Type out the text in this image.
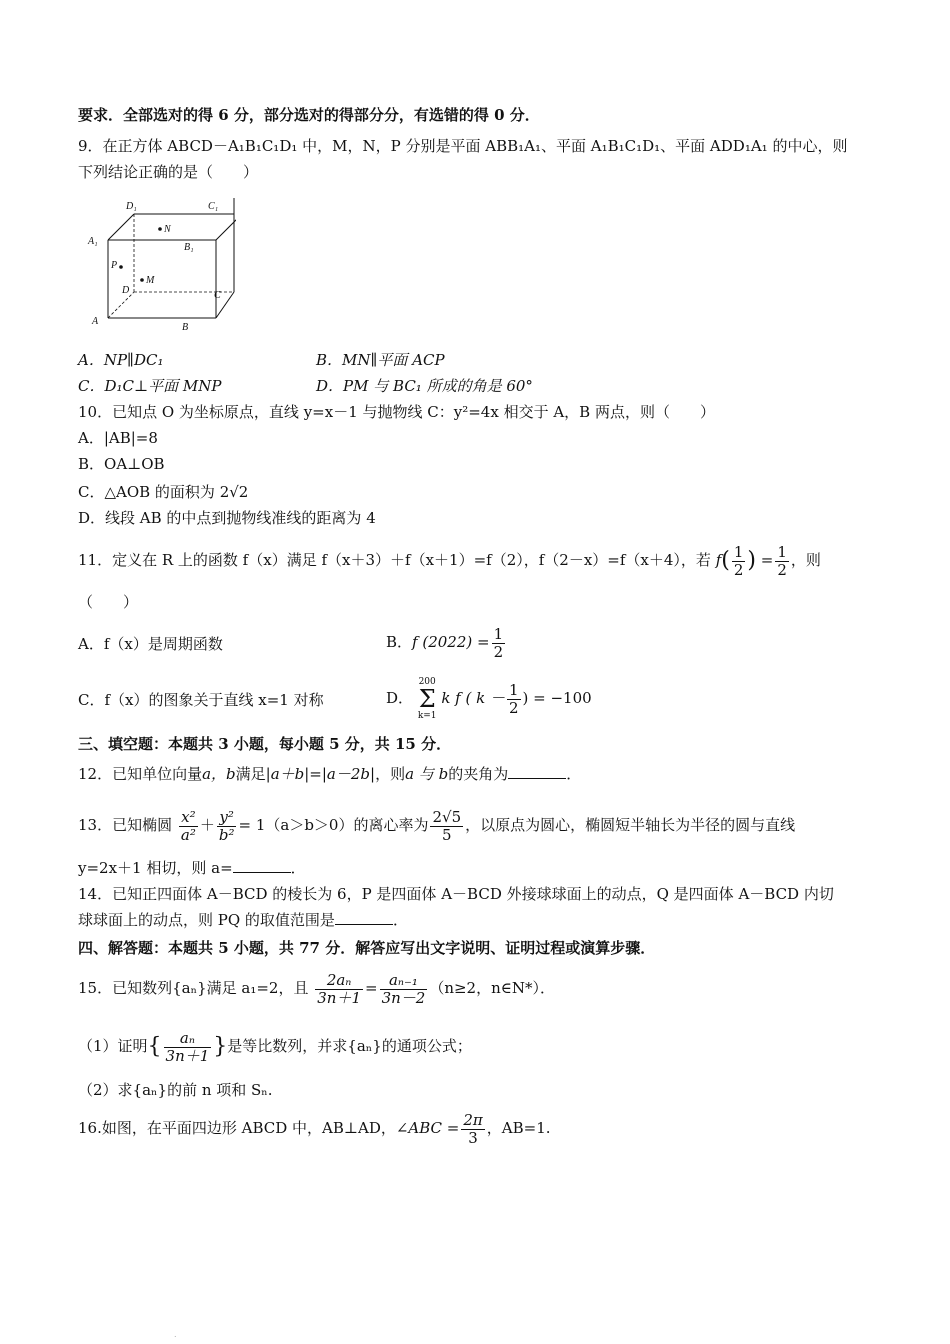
要求．全部选对的得 6 分，部分选对的得部分分，有选错的得 0 分．
9．在正方体 ABCD－A₁B₁C₁D₁ 中，M，N，P 分别是平面 ABB₁A₁、平面 A₁B₁C₁D₁、平面 ADD₁A₁ 的中心，则
下列结论正确的是（　　）
D₁	C₁
A₁
B₁
N
P
M
D	C
A
B
A．NP∥DC₁	B．MN∥平面 ACP
C．D₁C⊥平面 MNP	D．PM 与 BC₁ 所成的角是 60°
10．已知点 O 为坐标原点，直线 y=x－1 与抛物线 C：y²=4x 相交于 A，B 两点，则（　　）
A．|AB|=8
B．OA⊥OB
C．△AOB 的面积为 2√2
D．线段 AB 的中点到抛物线准线的距离为 4
11．定义在 R 上的函数 f（x）满足 f（x＋3）＋f（x＋1）=f（2），f（2－x）=f（x＋4），若 $f( \frac{1}{2}$ ) = $\frac{1}{2}$ ，则
（　　）
A．f（x）是周期函数	B．f $(2022) = \frac{1}{2}$
C．f（x）的图象关于直线 x=1 对称	D． 200
Σ
k=1 k f ( $k - \frac{1}{2}$ ) = −100
三、填空题：本题共 3 小题，每小题 5 分，共 15 分．
12．已知单位向量a，b满足|a＋b|=|a－2b|，则a 与 b的夹角为	．
13．已知椭圆 $\frac{\text{x²}}{\text{a²}} + \frac{\text{y²}}{\text{b²}} = 1(a>b>0)$的离心率为 $\frac{2√5}{5}$ ，以原点为圆心，椭圆短半轴长为半径的圆与直线
y=2x＋1 相切，则 a=	．
14．已知正四面体 A－BCD 的棱长为 6，P 是四面体 A－BCD 外接球球面上的动点，Q 是四面体 A－BCD 内切
球球面上的动点，则 PQ 的取值范围是	．
四、解答题：本题共 5 小题，共 77 分．解答应写出文字说明、证明过程或演算步骤．
15．已知数列{aₙ}满足 a₁=2，且 $\frac{\text{2aₙ}}{3n+1} = \frac{\text{aₙ₋₁}}{3n-2} (n\ge 2$，n∈N*）．
（1）证明{ $\frac{\text{aₙ}}{3n+1}$ }是等比数列，并求{aₙ}的通项公式；
（2）求{aₙ}的前 n 项和 Sₙ.
16.如图，在平面四边形 ABCD 中，AB⊥AD，∠ABC = $\frac{2\pi}{3}$ ，AB=1.
.
